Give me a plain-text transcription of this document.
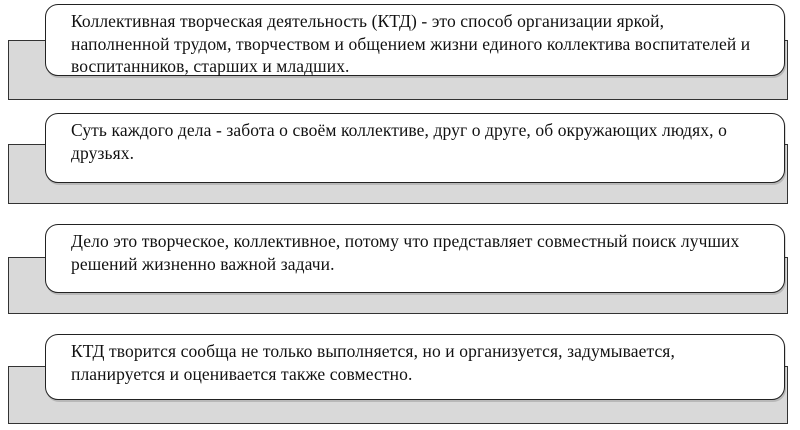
Коллективная творческая деятельность (КТД) - это способ организации яркой, наполненной трудом, творчеством и общением жизни единого коллектива воспитателей и воспитанников, старших и младших.

Суть каждого дела - забота о своём коллективе, друг о друге, об окружающих людях, о друзьях.

Дело это творческое, коллективное, потому что представляет совместный поиск лучших решений жизненно важной задачи.

КТД творится сообща не только выполняется, но и организуется, задумывается, планируется и оценивается также совместно.
